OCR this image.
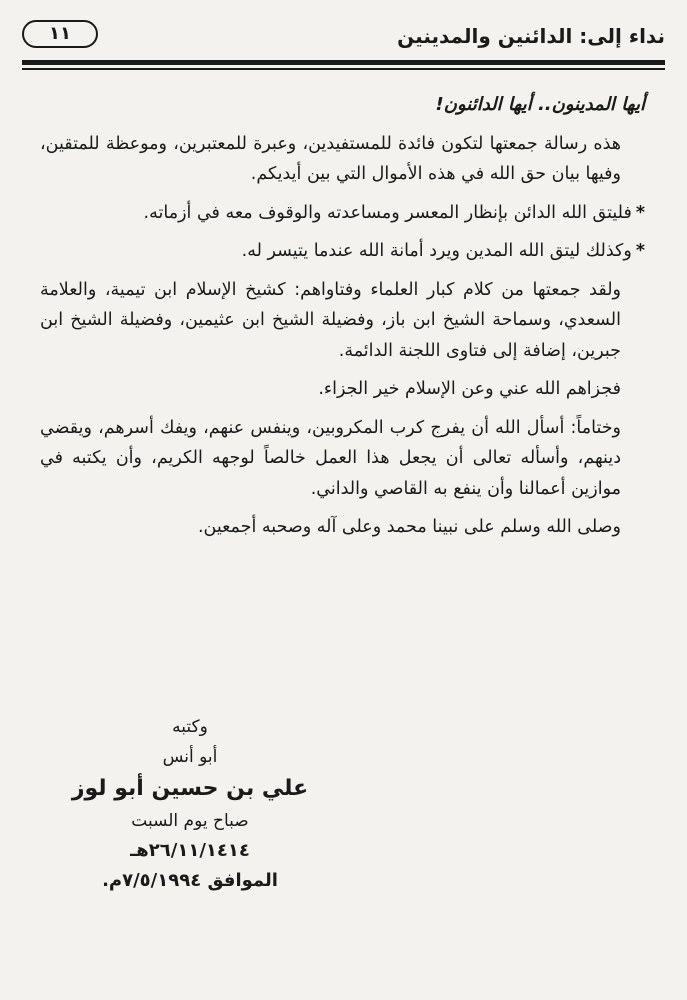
نداء إلى: الدائنين والمدينين
١١

أيها المدينون.. أيها الدائنون!

هذه رسالة جمعتها لتكون فائدة للمستفيدين، وعبرة للمعتبرين، وموعظة للمتقين، وفيها بيان حق الله في هذه الأموال التي بين أيديكم.

*فليتق الله الدائن بإنظار المعسر ومساعدته والوقوف معه في أزماته.

*وكذلك ليتق الله المدين ويرد أمانة الله عندما يتيسر له.

ولقد جمعتها من كلام كبار العلماء وفتاواهم: كشيخ الإسلام ابن تيمية، والعلامة السعدي، وسماحة الشيخ ابن باز، وفضيلة الشيخ ابن عثيمين، وفضيلة الشيخ ابن جبرين، إضافة إلى فتاوى اللجنة الدائمة.

فجزاهم الله عني وعن الإسلام خير الجزاء.

وختاماً: أسأل الله أن يفرج كرب المكروبين، وينفس عنهم، ويفك أسرهم، ويقضي دينهم، وأسأله تعالى أن يجعل هذا العمل خالصاً لوجهه الكريم، وأن يكتبه في موازين أعمالنا وأن ينفع به القاصي والداني.

وصلى الله وسلم على نبينا محمد وعلى آله وصحبه أجمعين.

وكتبه
أبو أنس
علي بن حسين أبو لوز
صباح يوم السبت
٢٦/١١/١٤١٤هـ
الموافق ٧/٥/١٩٩٤م.
